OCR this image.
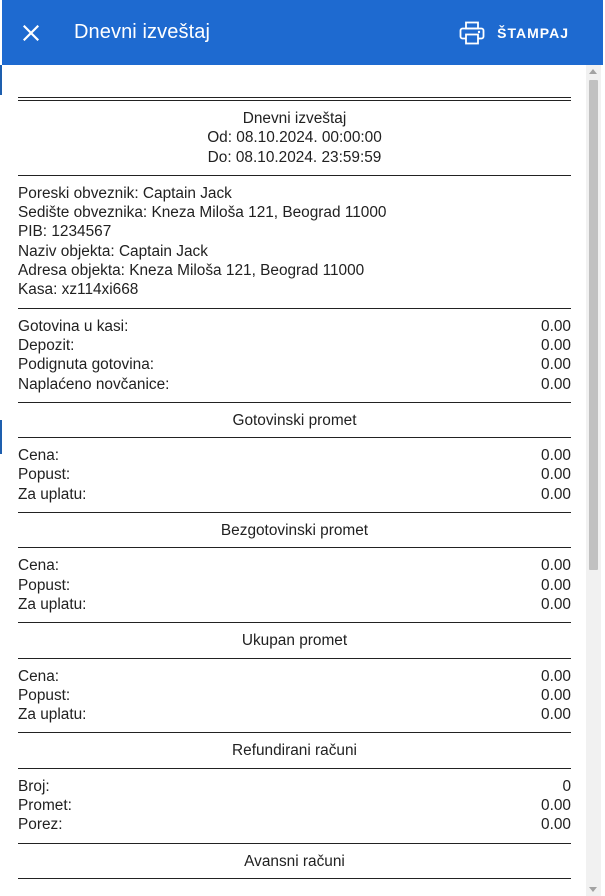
Dnevni izveštaj	ŠTAMPAJ
Dnevni izveštaj
Od: 08.10.2024. 00:00:00
Do: 08.10.2024. 23:59:59
Poreski obveznik: Captain Jack
Sedište obveznika: Kneza Miloša 121, Beograd 11000
PIB: 1234567
Naziv objekta: Captain Jack
Adresa objekta: Kneza Miloša 121, Beograd 11000
Kasa: xz114xi668
Gotovina u kasi:	0.00
Depozit:	0.00
Podignuta gotovina:	0.00
Naplaćeno novčanice:	0.00
Gotovinski promet
Cena:	0.00
Popust:	0.00
Za uplatu:	0.00
Bezgotovinski promet
Cena:	0.00
Popust:	0.00
Za uplatu:	0.00
Ukupan promet
Cena:	0.00
Popust:	0.00
Za uplatu:	0.00
Refundirani računi
Broj:	0
Promet:	0.00
Porez:	0.00
Avansni računi
